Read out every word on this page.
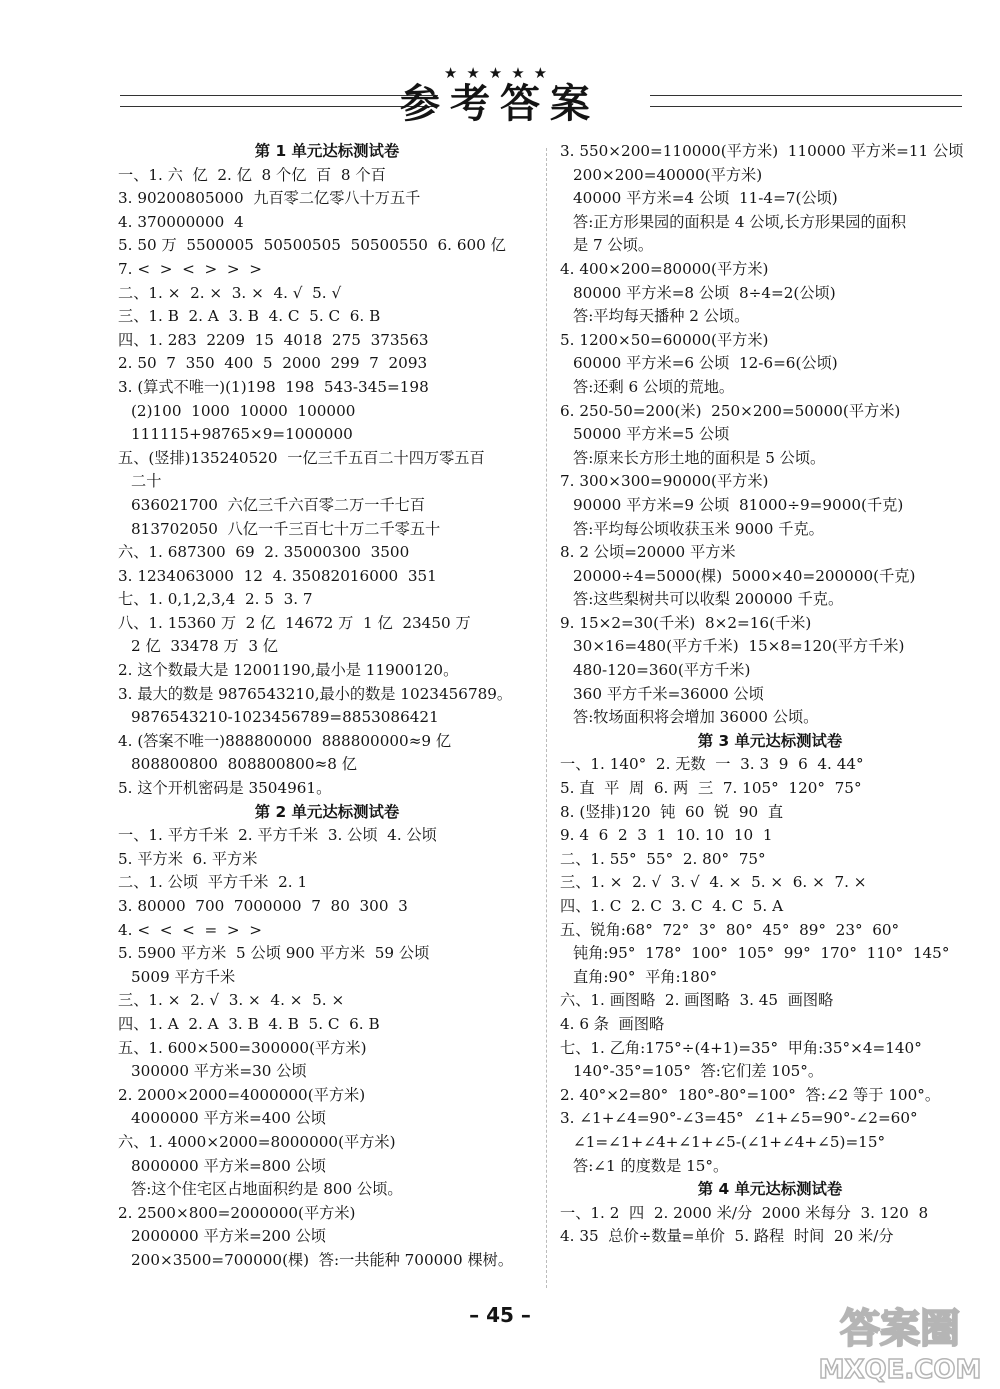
★★★★★
参考答案
第 1 单元达标测试卷
一、1. 六  亿  2. 亿  8 个亿  百  8 个百
3. 90200805000  九百零二亿零八十万五千
4. 370000000  4
5. 50 万  5500005  50500505  50500550  6. 600 亿
7. <  >  <  >  >  >
二、1. ×  2. ×  3. ×  4. √  5. √
三、1. B  2. A  3. B  4. C  5. C  6. B
四、1. 283  2209  15  4018  275  373563
2. 50  7  350  400  5  2000  299  7  2093
3. (算式不唯一)(1)198  198  543-345=198
(2)100  1000  10000  100000
111115+98765×9=1000000
五、(竖排)135240520  一亿三千五百二十四万零五百
二十
636021700  六亿三千六百零二万一千七百
813702050  八亿一千三百七十万二千零五十
六、1. 687300  69  2. 35000300  3500
3. 1234063000  12  4. 35082016000  351
七、1. 0,1,2,3,4  2. 5  3. 7
八、1. 15360 万  2 亿  14672 万  1 亿  23450 万
2 亿  33478 万  3 亿
2. 这个数最大是 12001190,最小是 11900120。
3. 最大的数是 9876543210,最小的数是 1023456789。
9876543210-1023456789=8853086421
4. (答案不唯一)888800000  888800000≈9 亿
808800800  808800800≈8 亿
5. 这个开机密码是 3504961。
第 2 单元达标测试卷
一、1. 平方千米  2. 平方千米  3. 公顷  4. 公顷
5. 平方米  6. 平方米
二、1. 公顷  平方千米  2. 1
3. 80000  700  7000000  7  80  300  3
4. <  <  <  =  >  >
5. 5900 平方米  5 公顷 900 平方米  59 公顷
5009 平方千米
三、1. ×  2. √  3. ×  4. ×  5. ×
四、1. A  2. A  3. B  4. B  5. C  6. B
五、1. 600×500=300000(平方米)
300000 平方米=30 公顷
2. 2000×2000=4000000(平方米)
4000000 平方米=400 公顷
六、1. 4000×2000=8000000(平方米)
8000000 平方米=800 公顷
答:这个住宅区占地面积约是 800 公顷。
2. 2500×800=2000000(平方米)
2000000 平方米=200 公顷
200×3500=700000(棵)  答:一共能种 700000 棵树。
3. 550×200=110000(平方米)  110000 平方米=11 公顷
200×200=40000(平方米)
40000 平方米=4 公顷  11-4=7(公顷)
答:正方形果园的面积是 4 公顷,长方形果园的面积
是 7 公顷。
4. 400×200=80000(平方米)
80000 平方米=8 公顷  8÷4=2(公顷)
答:平均每天播种 2 公顷。
5. 1200×50=60000(平方米)
60000 平方米=6 公顷  12-6=6(公顷)
答:还剩 6 公顷的荒地。
6. 250-50=200(米)  250×200=50000(平方米)
50000 平方米=5 公顷
答:原来长方形土地的面积是 5 公顷。
7. 300×300=90000(平方米)
90000 平方米=9 公顷  81000÷9=9000(千克)
答:平均每公顷收获玉米 9000 千克。
8. 2 公顷=20000 平方米
20000÷4=5000(棵)  5000×40=200000(千克)
答:这些梨树共可以收梨 200000 千克。
9. 15×2=30(千米)  8×2=16(千米)
30×16=480(平方千米)  15×8=120(平方千米)
480-120=360(平方千米)
360 平方千米=36000 公顷
答:牧场面积将会增加 36000 公顷。
第 3 单元达标测试卷
一、1. 140°  2. 无数  一  3. 3  9  6  4. 44°
5. 直  平  周  6. 两  三  7. 105°  120°  75°
8. (竖排)120  钝  60  锐  90  直
9. 4  6  2  3  1  10. 10  10  1
二、1. 55°  55°  2. 80°  75°
三、1. ×  2. √  3. √  4. ×  5. ×  6. ×  7. ×
四、1. C  2. C  3. C  4. C  5. A
五、锐角:68°  72°  3°  80°  45°  89°  23°  60°
钝角:95°  178°  100°  105°  99°  170°  110°  145°
直角:90°  平角:180°
六、1. 画图略  2. 画图略  3. 45  画图略
4. 6 条  画图略
七、1. 乙角:175°÷(4+1)=35°  甲角:35°×4=140°
140°-35°=105°  答:它们差 105°。
2. 40°×2=80°  180°-80°=100°  答:∠2 等于 100°。
3. ∠1+∠4=90°-∠3=45°  ∠1+∠5=90°-∠2=60°
∠1=∠1+∠4+∠1+∠5-(∠1+∠4+∠5)=15°
答:∠1 的度数是 15°。
第 4 单元达标测试卷
一、1. 2  四  2. 2000 米/分  2000 米每分  3. 120  8
4. 35  总价÷数量=单价  5. 路程  时间  20 米/分
– 45 –	答案圈
MXQE.COM
